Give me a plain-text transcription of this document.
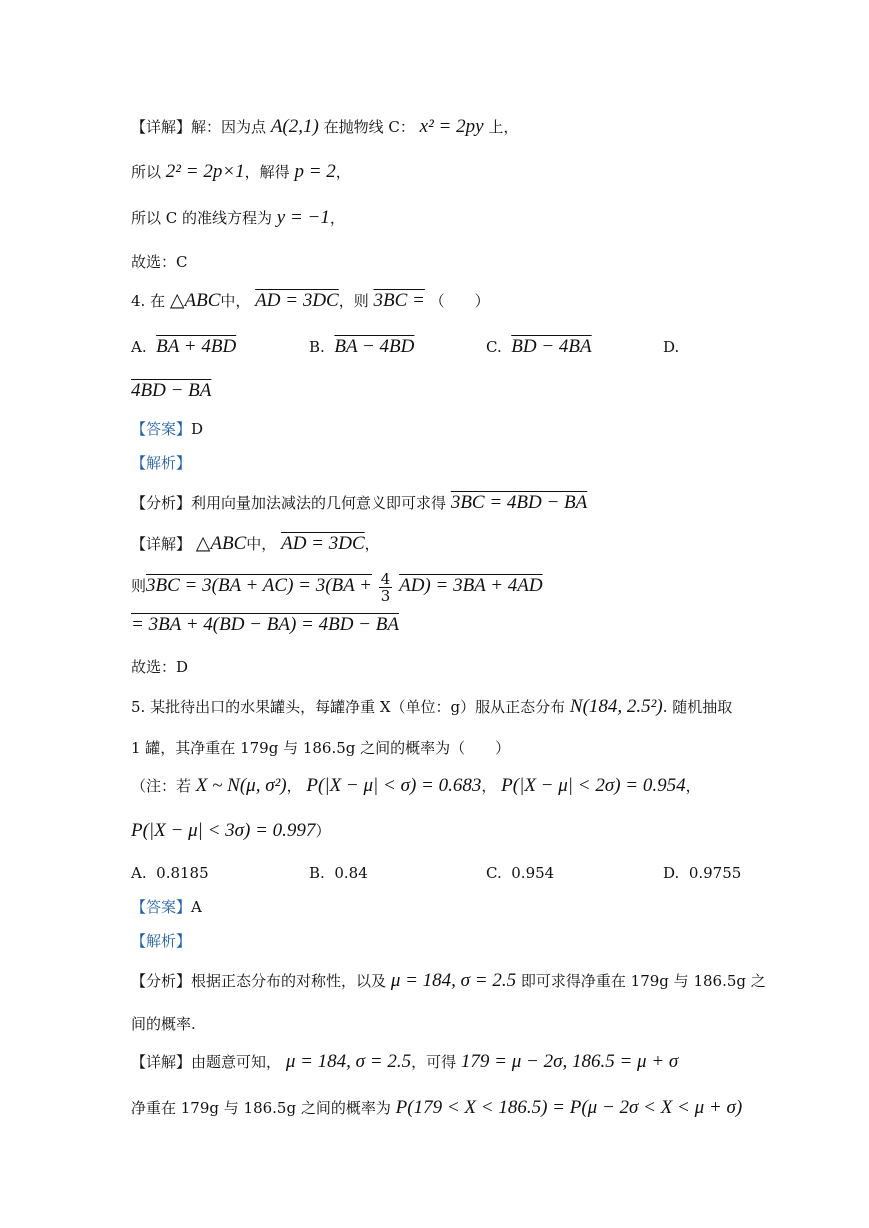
【详解】解：因为点 A(2,1) 在抛物线 C： x² = 2py 上，
所以 2² = 2p×1，解得 p = 2，
所以 C 的准线方程为 y = −1，
故选：C
4. 在 △ABC中， AD = 3DC，则 3BC = （　　）
A. BA + 4BD	B. BA − 4BD	C. BD − 4BA	D.
4BD − BA
【答案】D
【解析】
【分析】利用向量加法减法的几何意义即可求得 3BC = 4BD − BA
【详解】 △ABC中， AD = 3DC，
则$3BC = 3(BA + AC) = 3(BA + \frac{4}{3} AD) = 3BA + 4AD$
= 3BA + 4(BD − BA) = 4BD − BA
故选：D
5. 某批待出口的水果罐头，每罐净重 X（单位：g）服从正态分布 N(184, 2.5²). 随机抽取
1 罐，其净重在 179g 与 186.5g 之间的概率为（　　）
（注：若 X ~ N(μ, σ²)， P(|X − μ| < σ) = 0.683， P(|X − μ| < 2σ) = 0.954，
P(|X − μ| < 3σ) = 0.997）
A. 0.8185	B. 0.84	C. 0.954	D. 0.9755
【答案】A
【解析】
【分析】根据正态分布的对称性，以及 μ = 184, σ = 2.5 即可求得净重在 179g 与 186.5g 之
间的概率.
【详解】由题意可知， μ = 184, σ = 2.5，可得 179 = μ − 2σ, 186.5 = μ + σ
净重在 179g 与 186.5g 之间的概率为 P(179 < X < 186.5) = P(μ − 2σ < X < μ + σ)
